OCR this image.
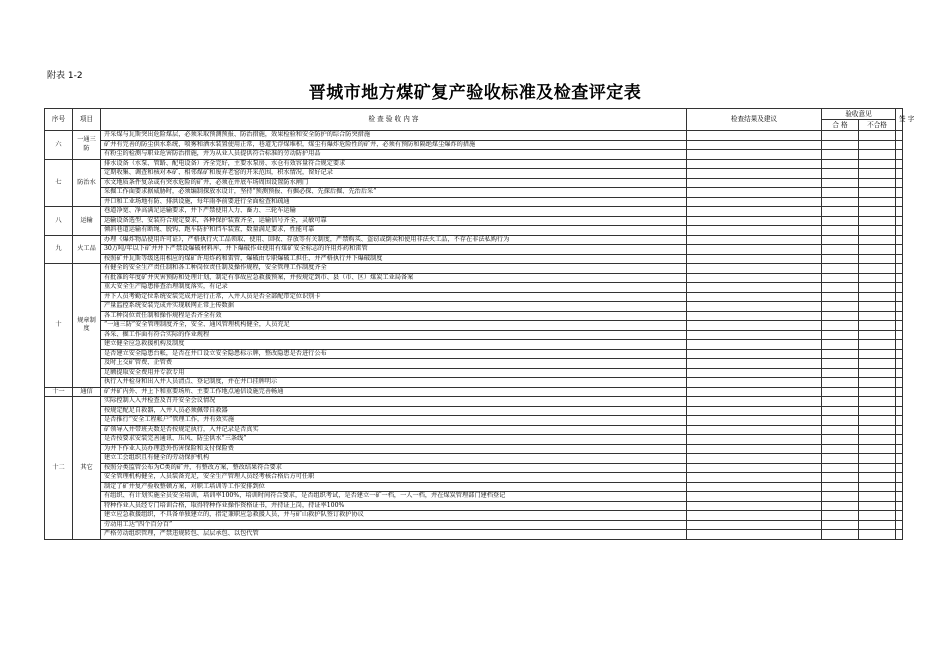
附表 1-2
晋城市地方煤矿复产验收标准及检查评定表
序号	项目	检 查 验 收 内 容	检查结果及建议	验收意见		签 字
				合 格	不合格	
六	一通三防	开采煤与瓦斯突出危险煤层，必须采取预测预报、防治措施，效果检验和安全防护的综合防突措施				
		矿井有完善的防尘供水系统，喷雾和洒水装置使用正常，巷道无浮煤堆积，煤尘有爆炸危险性的矿井，必须有预防和隔绝煤尘爆炸的措施				
		有粉尘的检测与职业危害防治措施，并为从业人员提供符合标准的劳动防护用品				
七	防治水	排水设备（水泵、管路、配电设备）齐全完好，主要水泵房、水仓有效容量符合规定要求				
		定期收集、调查和核对本矿、相邻煤矿和废弃老窑的开采范围，积水情况，留好记录				
		水文地质条件复杂或有突水危险的矿井，必须在井底车场周围设置防水闸门				
		采掘工作面要求据威胁时，必须编制探放水设计，坚持“预测预报、有掘必探、先探后掘、先治后采”				
		井口和工业场地有防、排洪设施，每年雨季前要进行全面检查和疏通				
八	运输	巷道净宽、净高满足运输要求，井下严禁使用人力、畜力、三轮车运输				
		运输设备选型、安装符合规定要求，各种保护装置齐全，运输信号齐全，灵敏可靠				
		倾斜巷道运输有断绳、脱钩、跑车防护和挡车装置，数量满足要求，性能可靠				
九	火工品	办理《爆炸物品使用许可证》，严格执行火工品领取、使用、回收、存放等有关制度，严禁购买、盗窃或倒卖和使用非法火工品，不存在非法私购行为				
		30万吨/年以下矿井井下严禁设爆破材料库，井下爆破作业使用有煤矿安全标志的许用炸药和雷管				
		按照矿井瓦斯等级选用相应的煤矿许用炸药和雷管，爆破由专职爆破工担任，并严格执行井下爆破制度				
十	规章制度	有健全的安全生产责任制和各工种岗位责任制及操作规程，安全管理工作制度齐全				
		有批准的年度矿井灾害预防和处理计划，制定有事故应急救援预案，并按规定到市、县（市、区）煤炭工业局备案				
		重大安全生产隐患排查治理制度落实，有记录				
		井下人员考勤定位系统安装完成并运行正常，入井人员是否全部配带定位识别卡				
		产量监控系统安装完成并实现联网正常上传数据				
		各工种岗位责任制和操作规程是否齐全有效				
		“一通三防”安全管理制度齐全，安全、通风管理机构健全，人员充足				
		各采、掘工作面有符合实际的作业规程				
		建立健全应急救援机构及制度				
		是否建立安全隐患台帐，是否在井口设立安全隐患标示牌，整改隐患是否进行公布				
		及时上交矿管费、企管费				
		足额提取安全费用并专款专用				
		执行入井检身和出入井人员清点、登记制度，并在井口挂牌明示				
十一	通信	矿井矿内外、井上下和重要场所、主要工作地点通信设施完善畅通				
十二	其它	实际控制人入井检查及召开安全会议情况				
		按规定配足自救器，入井人员必须佩带自救器				
		是否推行“安全工程帐户”管理工作，并有效实施				
		矿领导入井带班天数是否按规定执行，入井记录是否真实				
		是否按要求安装完善通讯、压风、防尘供水“三条线”				
		为井下作业人员办理意外伤害保险和支付保险费				
		建立工会组织且有健全的劳动保护机构				
		按照分类监管公布为C类的矿井，有整改方案，整改结果符合要求				
		安全管理机构健全，人员装备充足，安全生产管理人员经考核合格后方可任职				
		制定了矿井复产验收整顿方案，对职工培训等工作安排到位				
		有组织、有计划实施全员安全培训，培训率100%，培训时间符合要求，是否组织考试，是否建立一矿一档，一人一档，并在煤炭管理部门建档登记				
		特种作业人员经专门培训合格，取得特种作业操作资格证书，并持证上岗，持证率100%				
		建立应急救援组织，不具备单独建立的，指定兼职应急救援人员，并与矿山救护队签订救护协议				
		劳动用工达“四个百分百”				
		严格劳动组织管理，严禁违规转包、层层承包、以包代管				
